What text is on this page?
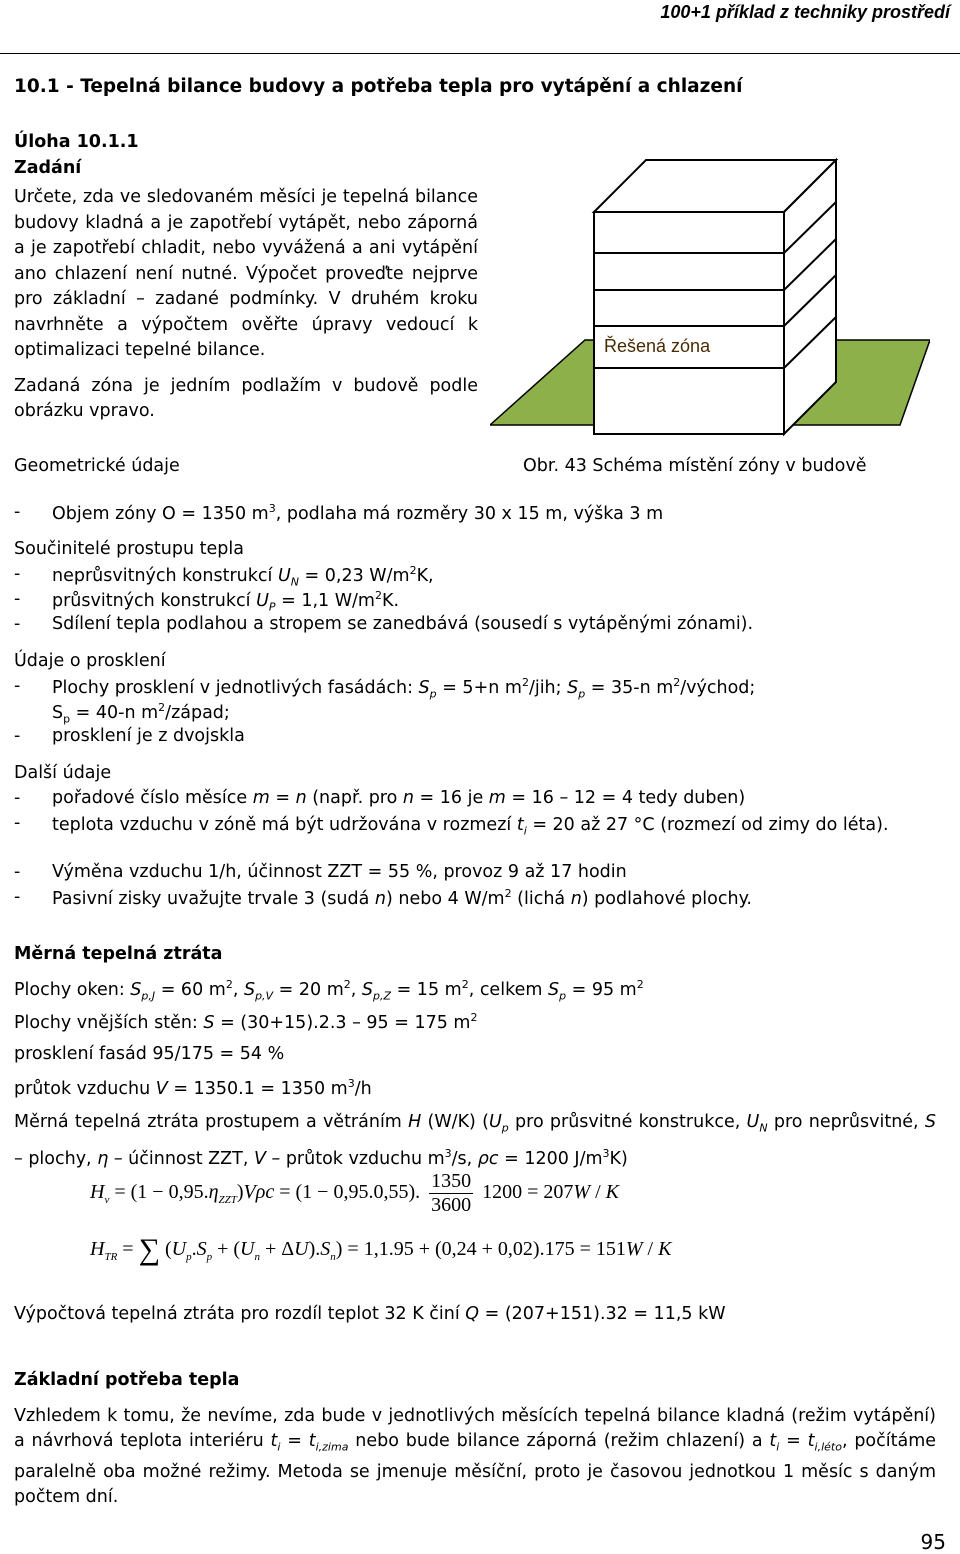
100+1 příklad z techniky prostředí
10.1 - Tepelná bilance budovy a potřeba tepla pro vytápění a chlazení
Úloha 10.1.1
Zadání

Určete, zda ve sledovaném měsíci je tepelná bilance budovy kladná a je zapotřebí vytápět, nebo záporná a je zapotřebí chladit, nebo vyvážená a ani vytápění ano chlazení není nutné. Výpočet proveďte nejprve pro základní – zadané podmínky. V druhém kroku navrhněte a výpočtem ověřte úpravy vedoucí k optimalizaci tepelné bilance.

Zadaná zóna je jedním podlažím v budově podle obrázku vpravo.

Řešená zóna
Geometrické údaje	Obr. 43 Schéma místění zóny v budově
- Objem zóny O = 1350 $m^3$, podlaha má rozměry 30 x 15 m, výška 3 m
Součinitelé prostupu tepla
- neprůsvitných konstrukcí $U_N = 0,23$ $W/m^2K$,
- průsvitných konstrukcí $U_P = 1,1$ $W/m^2K$.
- Sdílení tepla podlahou a stropem se zanedbává (sousedí s vytápěnými zónami).
Údaje o prosklení
- Plochy prosklení v jednotlivých fasádách: $S_p = 5+n$ $m^2$/jih; $S_p = 35-n$ $m^2$/východ;
$S_p = 40-n$ $m^2$/západ;
- prosklení je z dvojskla
Další údaje
- pořadové číslo měsíce m = n (např. pro n = 16 je m = 16 – 12 = 4 tedy duben)
- teplota vzduchu v zóně má být udržována v rozmezí $t_i = 20$ až 27 °C (rozmezí od zimy do léta).
- Výměna vzduchu 1/h, účinnost ZZT = 55 %, provoz 9 až 17 hodin
- Pasivní zisky uvažujte trvale 3 (sudá n) nebo 4 $W/m^2$ (lichá n) podlahové plochy.
Měrná tepelná ztráta
Plochy oken: $S_{p,J} = 60$ $m^2$, $S_{p,V} = 20$ $m^2$, $S_{p,Z} = 15$ $m^2$, celkem $S_p = 95$ $m^2$
Plochy vnějších stěn: S = (30+15).2.3 – 95 = 175 $m^2$
prosklení fasád 95/175 = 54 %
průtok vzduchu V = 1350.1 = 1350 $m^3/h$
Měrná tepelná ztráta prostupem a větráním H (W/K) ($U_p$ pro průsvitné konstrukce, $U_N$ pro neprůsvitné, S – plochy, η – účinnost ZZT, V – průtok vzduchu $m^3/s$, ρc = 1200 $J/m^3K$)
$H_v = (1 - 0,95.\eta_{ZZT})V\rho c = (1 - 0,95.0,55)$. $\frac{1350}{3600} 1200 = 207W / K$
$H_{TR}$ = ∑ $(U_p.S_p + (U_n + \Delta U).S_n) = 1,1.95 + (0,24 + 0,02).175 = 151W / K$
Výpočtová tepelná ztráta pro rozdíl teplot 32 K činí Q = (207+151).32 = 11,5 kW
Základní potřeba tepla
Vzhledem k tomu, že nevíme, zda bude v jednotlivých měsících tepelná bilance kladná (režim vytápění) a návrhová teplota interiéru $t_i = t_{i,zima}$ nebo bude bilance záporná (režim chlazení) a $t_i = t_{i,léto}$, počítáme paralelně oba možné režimy. Metoda se jmenuje měsíční, proto je časovou jednotkou 1 měsíc s daným počtem dní.
95
